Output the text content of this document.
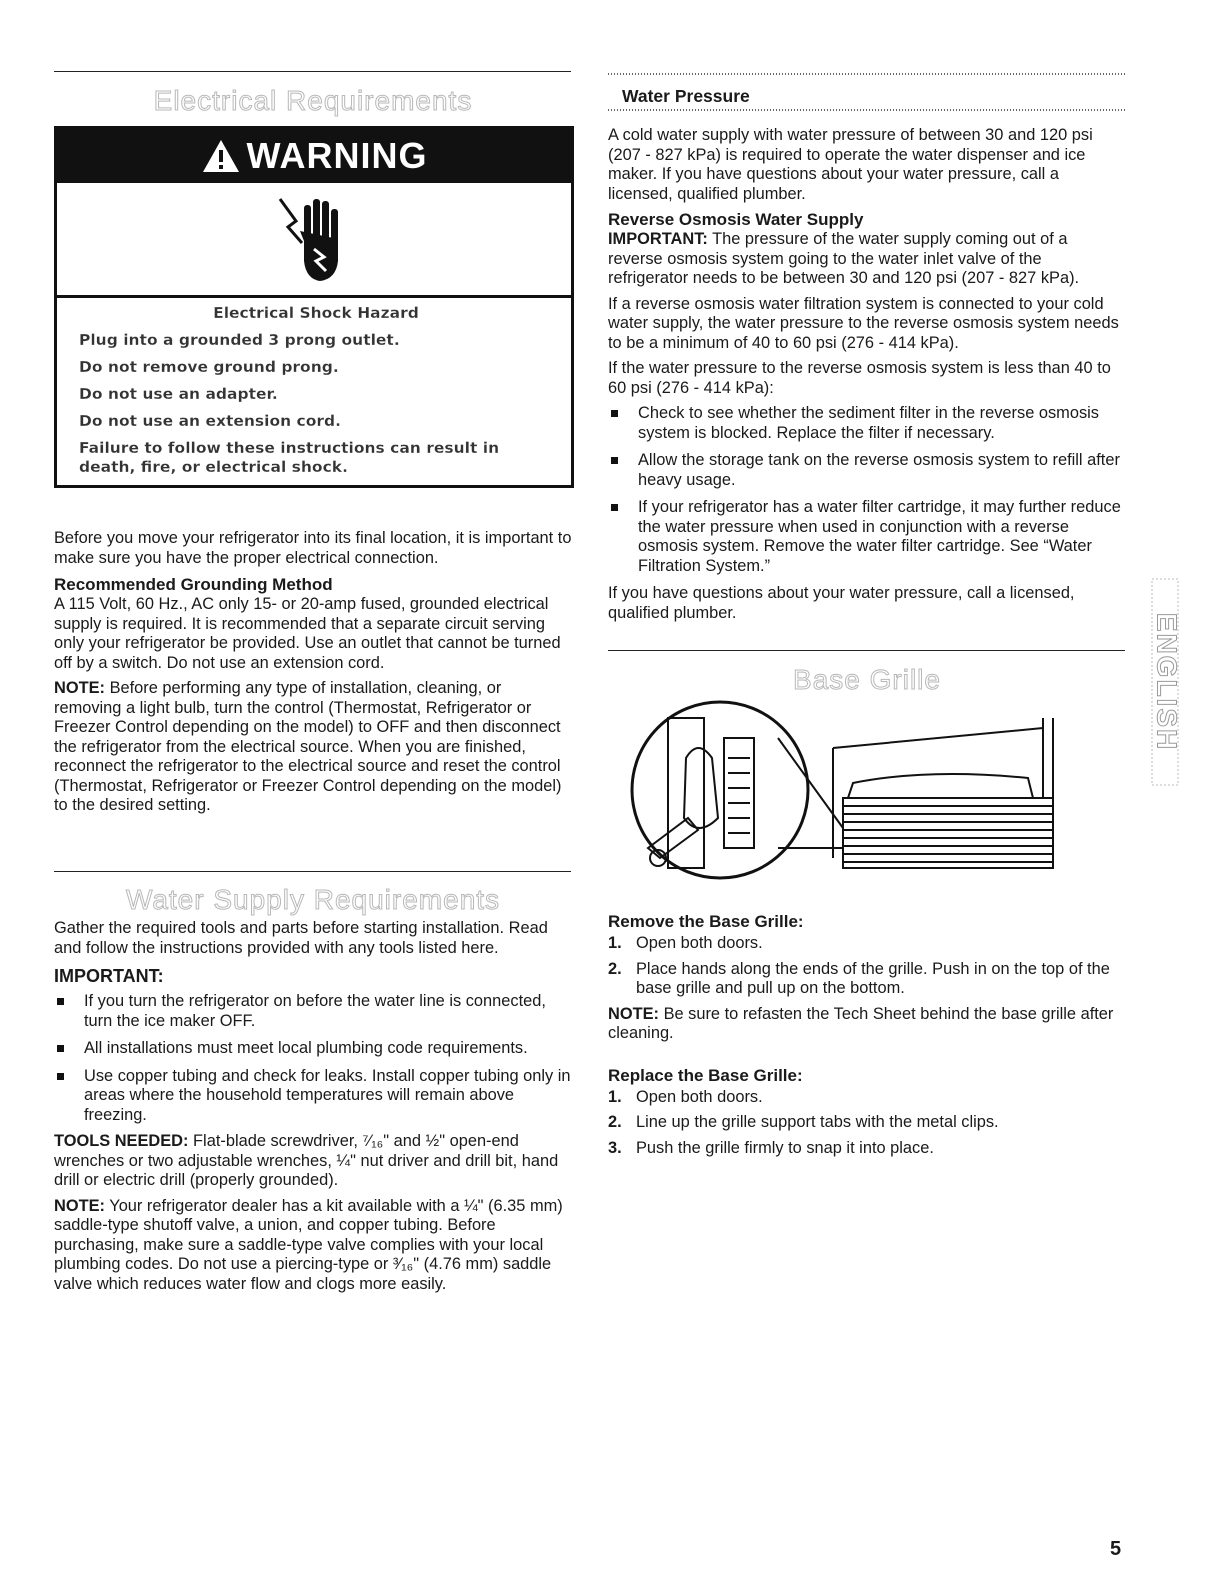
Electrical Requirements
WARNING

Electrical Shock Hazard

Plug into a grounded 3 prong outlet.

Do not remove ground prong.

Do not use an adapter.

Do not use an extension cord.

Failure to follow these instructions can result in death, fire, or electrical shock.

Before you move your refrigerator into its final location, it is important to make sure you have the proper electrical connection.

Recommended Grounding Method

A 115 Volt, 60 Hz., AC only 15- or 20-amp fused, grounded electrical supply is required. It is recommended that a separate circuit serving only your refrigerator be provided. Use an outlet that cannot be turned off by a switch. Do not use an extension cord.

NOTE: Before performing any type of installation, cleaning, or removing a light bulb, turn the control (Thermostat, Refrigerator or Freezer Control depending on the model) to OFF and then disconnect the refrigerator from the electrical source. When you are finished, reconnect the refrigerator to the electrical source and reset the control (Thermostat, Refrigerator or Freezer Control depending on the model) to the desired setting.

Water Supply Requirements

Gather the required tools and parts before starting installation. Read and follow the instructions provided with any tools listed here.

IMPORTANT:

If you turn the refrigerator on before the water line is connected, turn the ice maker OFF.

All installations must meet local plumbing code requirements.

Use copper tubing and check for leaks. Install copper tubing only in areas where the household temperatures will remain above freezing.

TOOLS NEEDED: Flat-blade screwdriver, ⁷⁄₁₆" and ½" open-end wrenches or two adjustable wrenches, ¼" nut driver and drill bit, hand drill or electric drill (properly grounded).

NOTE: Your refrigerator dealer has a kit available with a ¼" (6.35 mm) saddle-type shutoff valve, a union, and copper tubing. Before purchasing, make sure a saddle-type valve complies with your local plumbing codes. Do not use a piercing-type or ³⁄₁₆" (4.76 mm) saddle valve which reduces water flow and clogs more easily.

Water Pressure

A cold water supply with water pressure of between 30 and 120 psi (207 - 827 kPa) is required to operate the water dispenser and ice maker. If you have questions about your water pressure, call a licensed, qualified plumber.

Reverse Osmosis Water Supply

IMPORTANT: The pressure of the water supply coming out of a reverse osmosis system going to the water inlet valve of the refrigerator needs to be between 30 and 120 psi (207 - 827 kPa).

If a reverse osmosis water filtration system is connected to your cold water supply, the water pressure to the reverse osmosis system needs to be a minimum of 40 to 60 psi (276 - 414 kPa).

If the water pressure to the reverse osmosis system is less than 40 to 60 psi (276 - 414 kPa):

Check to see whether the sediment filter in the reverse osmosis system is blocked. Replace the filter if necessary.

Allow the storage tank on the reverse osmosis system to refill after heavy usage.

If your refrigerator has a water filter cartridge, it may further reduce the water pressure when used in conjunction with a reverse osmosis system. Remove the water filter cartridge. See “Water Filtration System.”

If you have questions about your water pressure, call a licensed, qualified plumber.

Base Grille
Remove the Base Grille:

1. Open both doors.

2. Place hands along the ends of the grille. Push in on the top of the base grille and pull up on the bottom.

NOTE: Be sure to refasten the Tech Sheet behind the base grille after cleaning.

Replace the Base Grille:

1. Open both doors.

2. Line up the grille support tabs with the metal clips.

3. Push the grille firmly to snap it into place.

ENGLISH
5
